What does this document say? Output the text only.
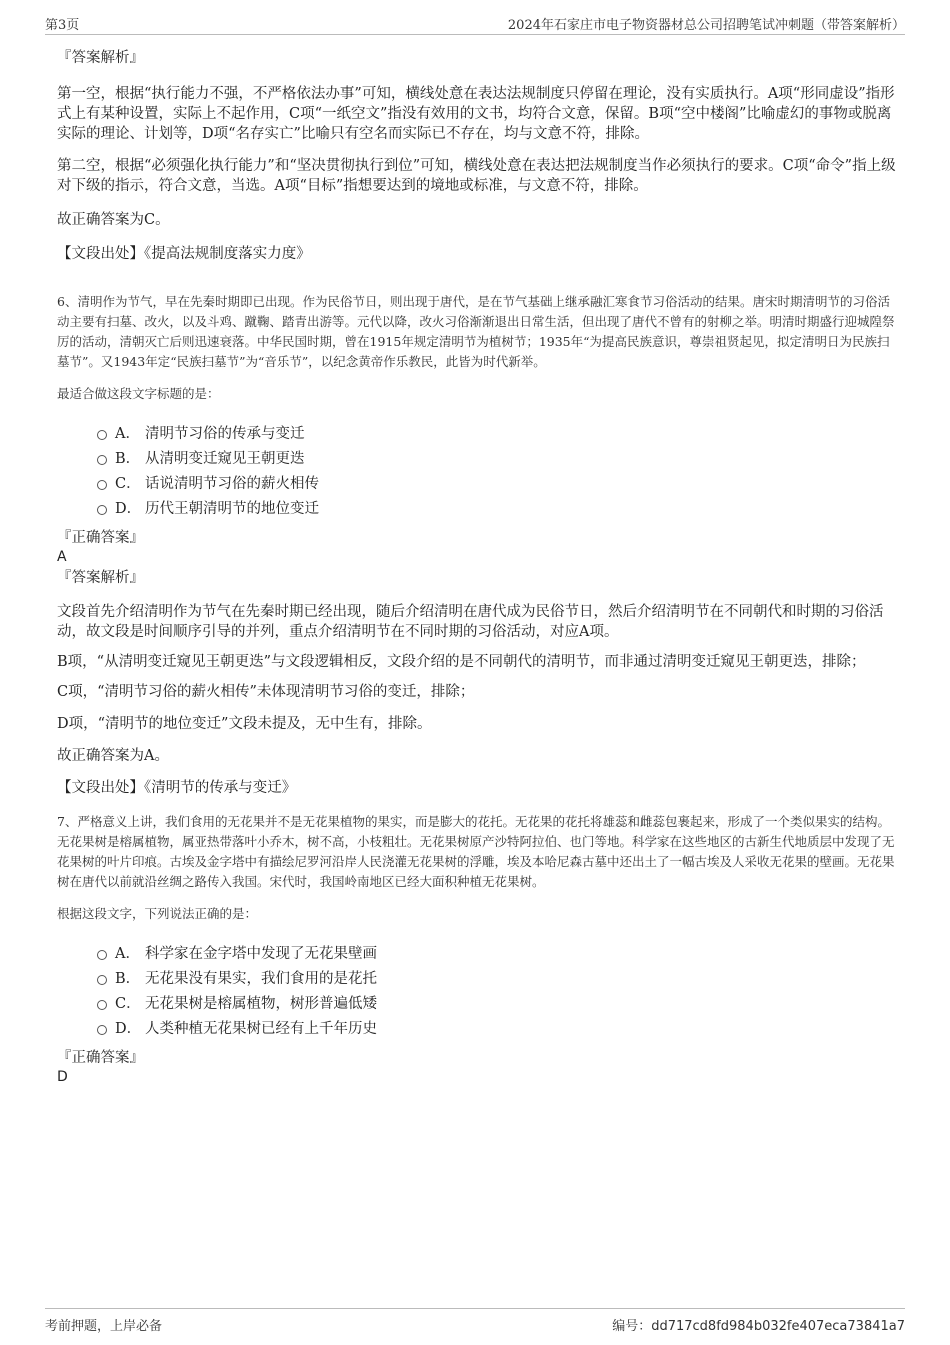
第3页	2024年石家庄市电子物资器材总公司招聘笔试冲刺题（带答案解析）

『答案解析』

第一空，根据“执行能力不强，不严格依法办事”可知，横线处意在表达法规制度只停留在理论，没有实质执行。A项“形同虚设”指形式上有某种设置，实际上不起作用，C项“一纸空文”指没有效用的文书，均符合文意，保留。B项“空中楼阁”比喻虚幻的事物或脱离实际的理论、计划等，D项“名存实亡”比喻只有空名而实际已不存在，均与文意不符，排除。

第二空，根据“必须强化执行能力”和“坚决贯彻执行到位”可知，横线处意在表达把法规制度当作必须执行的要求。C项“命令”指上级对下级的指示，符合文意，当选。A项“目标”指想要达到的境地或标准，与文意不符，排除。

故正确答案为C。

【文段出处】《提高法规制度落实力度》

6、清明作为节气，早在先秦时期即已出现。作为民俗节日，则出现于唐代，是在节气基础上继承融汇寒食节习俗活动的结果。唐宋时期清明节的习俗活动主要有扫墓、改火，以及斗鸡、蹴鞠、踏青出游等。元代以降，改火习俗渐渐退出日常生活，但出现了唐代不曾有的射柳之举。明清时期盛行迎城隍祭厉的活动，清朝灭亡后则迅速衰落。中华民国时期，曾在1915年规定清明节为植树节；1935年“为提高民族意识，尊崇祖贤起见，拟定清明日为民族扫墓节”。又1943年定“民族扫墓节”为“音乐节”，以纪念黄帝作乐教民，此皆为时代新举。

最适合做这段文字标题的是：

A． 清明节习俗的传承与变迁
B． 从清明变迁窥见王朝更迭
C． 话说清明节习俗的薪火相传
D． 历代王朝清明节的地位变迁

『正确答案』

A

『答案解析』

文段首先介绍清明作为节气在先秦时期已经出现，随后介绍清明在唐代成为民俗节日，然后介绍清明节在不同朝代和时期的习俗活动，故文段是时间顺序引导的并列，重点介绍清明节在不同时期的习俗活动，对应A项。

B项，“从清明变迁窥见王朝更迭”与文段逻辑相反，文段介绍的是不同朝代的清明节，而非通过清明变迁窥见王朝更迭，排除；

C项，“清明节习俗的薪火相传”未体现清明节习俗的变迁，排除；

D项，“清明节的地位变迁”文段未提及，无中生有，排除。

故正确答案为A。

【文段出处】《清明节的传承与变迁》

7、严格意义上讲，我们食用的无花果并不是无花果植物的果实，而是膨大的花托。无花果的花托将雄蕊和雌蕊包裹起来，形成了一个类似果实的结构。无花果树是榕属植物，属亚热带落叶小乔木，树不高，小枝粗壮。无花果树原产沙特阿拉伯、也门等地。科学家在这些地区的古新生代地质层中发现了无花果树的叶片印痕。古埃及金字塔中有描绘尼罗河沿岸人民浇灌无花果树的浮雕，埃及本哈尼森古墓中还出土了一幅古埃及人采收无花果的壁画。无花果树在唐代以前就沿丝绸之路传入我国。宋代时，我国岭南地区已经大面积种植无花果树。

根据这段文字，下列说法正确的是：

A． 科学家在金字塔中发现了无花果壁画
B． 无花果没有果实，我们食用的是花托
C． 无花果树是榕属植物，树形普遍低矮
D． 人类种植无花果树已经有上千年历史

『正确答案』

D

考前押题，上岸必备	编号：dd717cd8fd984b032fe407eca73841a7
